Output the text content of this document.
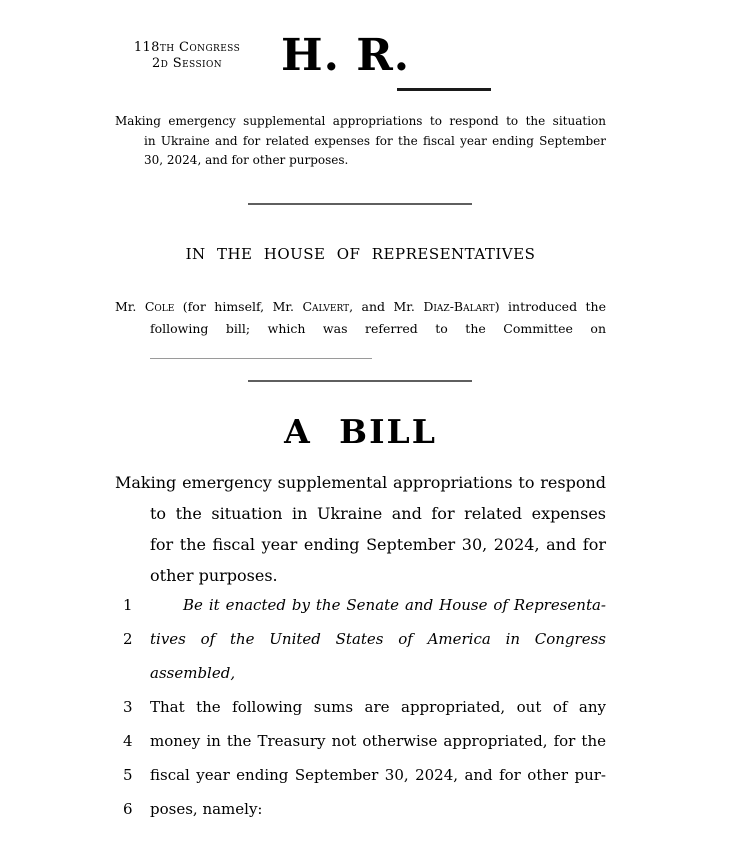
118th Congress
2d Session	H. R.
Making emergency supplemental appropriations to respond to the situation
in Ukraine and for related expenses for the fiscal year ending September
30, 2024, and for other purposes.
IN THE HOUSE OF REPRESENTATIVES
Mr. Cole (for himself, Mr. Calvert, and Mr. Diaz-Balart) introduced the
following bill; which was referred to the Committee on
A BILL
Making emergency supplemental appropriations to respond
to the situation in Ukraine and for related expenses
for the fiscal year ending September 30, 2024, and for
other purposes.
1	Be it enacted by the Senate and House of Representa-
2	tives of the United States of America in Congress assembled,
3	That the following sums are appropriated, out of any
4	money in the Treasury not otherwise appropriated, for the
5	fiscal year ending September 30, 2024, and for other pur-
6	poses, namely:
